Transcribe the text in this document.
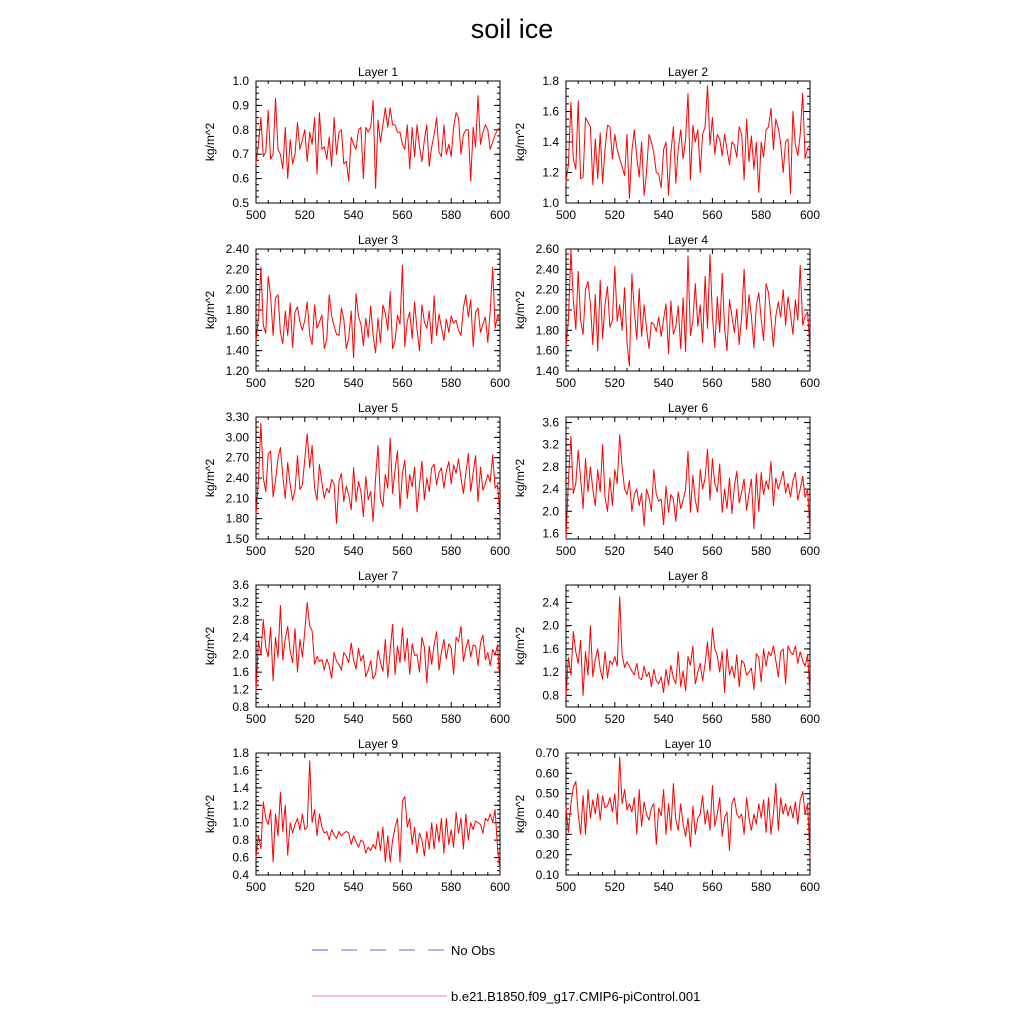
soil ice
No Obs
b.e21.B1850.f09_g17.CMIP6-piControl.001
Layer 1
kg/m^2
500 520 540 560 580 600
0.5
0.6
0.7
0.8
0.9
1.0
Layer 2
kg/m^2
500 520 540 560 580 600
1.0
1.2
1.4
1.6
1.8
Layer 3
kg/m^2
500 520 540 560 580 600
1.20
1.40
1.60
1.80
2.00
2.20
2.40
Layer 4
kg/m^2
500 520 540 560 580 600
1.40
1.60
1.80
2.00
2.20
2.40
2.60
Layer 5
kg/m^2
500 520 540 560 580 600
1.50
1.80
2.10
2.40
2.70
3.00
3.30
Layer 6
kg/m^2
500 520 540 560 580 600
1.6
2.0
2.4
2.8
3.2
3.6
Layer 7
kg/m^2
500 520 540 560 580 600
0.8
1.2
1.6
2.0
2.4
2.8
3.2
3.6
Layer 8
kg/m^2
500 520 540 560 580 600
0.8
1.2
1.6
2.0
2.4
Layer 9
kg/m^2
500 520 540 560 580 600
0.4
0.6
0.8
1.0
1.2
1.4
1.6
1.8
Layer 10
kg/m^2
500 520 540 560 580 600
0.10
0.20
0.30
0.40
0.50
0.60
0.70
